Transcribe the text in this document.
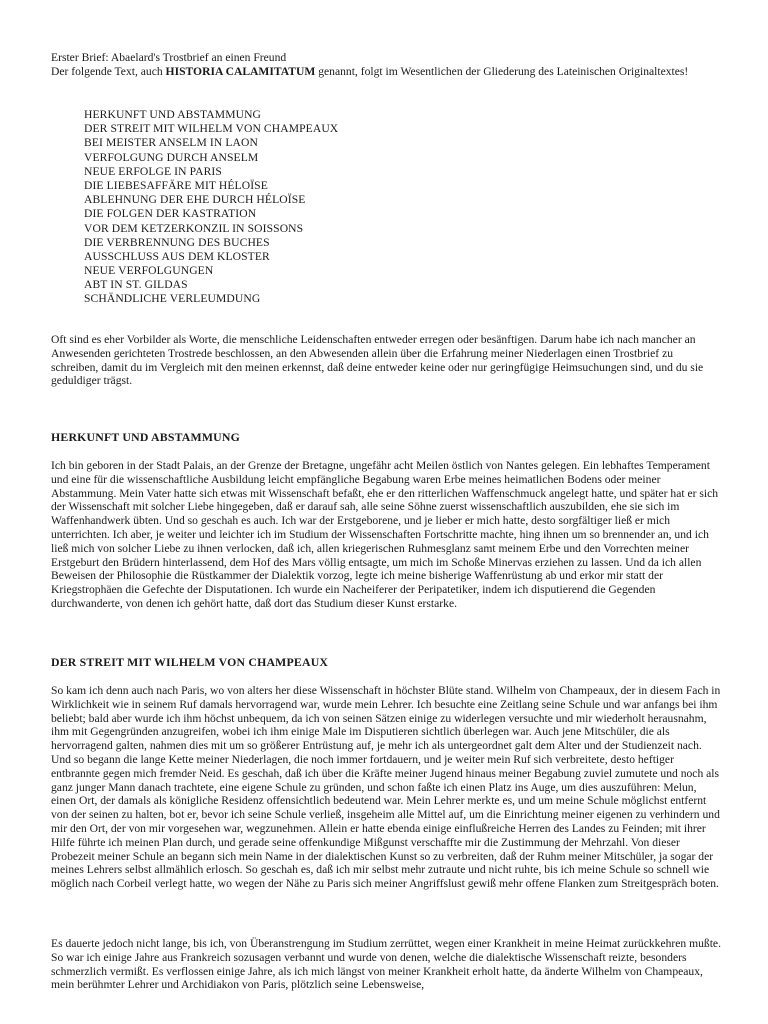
Erster Brief: Abaelard's Trostbrief an einen Freund

Der folgende Text, auch HISTORIA CALAMITATUM genannt, folgt im Wesentlichen der Gliederung des Lateinischen Originaltextes!

HERKUNFT UND ABSTAMMUNG
DER STREIT MIT WILHELM VON CHAMPEAUX
BEI MEISTER ANSELM IN LAON
VERFOLGUNG DURCH ANSELM
NEUE ERFOLGE IN PARIS
DIE LIEBESAFFÄRE MIT HÉLOÏSE
ABLEHNUNG DER EHE DURCH HÉLOÏSE
DIE FOLGEN DER KASTRATION
VOR DEM KETZERKONZIL IN SOISSONS
DIE VERBRENNUNG DES BUCHES
AUSSCHLUSS AUS DEM KLOSTER
NEUE VERFOLGUNGEN
ABT IN ST. GILDAS
SCHÄNDLICHE VERLEUMDUNG

Oft sind es eher Vorbilder als Worte, die menschliche Leidenschaften entweder erregen oder besänftigen. Darum habe ich nach mancher an Anwesenden gerichteten Trostrede beschlossen, an den Abwesenden allein über die Erfahrung meiner Niederlagen einen Trostbrief zu schreiben, damit du im Vergleich mit den meinen erkennst, daß deine entweder keine oder nur geringfügige Heimsuchungen sind, und du sie geduldiger trägst.

HERKUNFT UND ABSTAMMUNG

Ich bin geboren in der Stadt Palais, an der Grenze der Bretagne, ungefähr acht Meilen östlich von Nantes gelegen. Ein lebhaftes Temperament und eine für die wissenschaftliche Ausbildung leicht empfängliche Begabung waren Erbe meines heimatlichen Bodens oder meiner Abstammung. Mein Vater hatte sich etwas mit Wissenschaft befaßt, ehe er den ritterlichen Waffenschmuck angelegt hatte, und später hat er sich der Wissenschaft mit solcher Liebe hingegeben, daß er darauf sah, alle seine Söhne zuerst wissenschaftlich auszubilden, ehe sie sich im Waffenhandwerk übten. Und so geschah es auch. Ich war der Erstgeborene, und je lieber er mich hatte, desto sorgfältiger ließ er mich unterrichten. Ich aber, je weiter und leichter ich im Studium der Wissenschaften Fortschritte machte, hing ihnen um so brennender an, und ich ließ mich von solcher Liebe zu ihnen verlocken, daß ich, allen kriegerischen Ruhmesglanz samt meinem Erbe und den Vorrechten meiner Erstgeburt den Brüdern hinterlassend, dem Hof des Mars völlig entsagte, um mich im Schoße Minervas erziehen zu lassen. Und da ich allen Beweisen der Philosophie die Rüstkammer der Dialektik vorzog, legte ich meine bisherige Waffenrüstung ab und erkor mir statt der Kriegstrophäen die Gefechte der Disputationen. Ich wurde ein Nacheiferer der Peripatetiker, indem ich disputierend die Gegenden durchwanderte, von denen ich gehört hatte, daß dort das Studium dieser Kunst erstarke.

DER STREIT MIT WILHELM VON CHAMPEAUX

So kam ich denn auch nach Paris, wo von alters her diese Wissenschaft in höchster Blüte stand. Wilhelm von Champeaux, der in diesem Fach in Wirklichkeit wie in seinem Ruf damals hervorragend war, wurde mein Lehrer. Ich besuchte eine Zeitlang seine Schule und war anfangs bei ihm beliebt; bald aber wurde ich ihm höchst unbequem, da ich von seinen Sätzen einige zu widerlegen versuchte und mir wiederholt herausnahm, ihm mit Gegengründen anzugreifen, wobei ich ihm einige Male im Disputieren sichtlich überlegen war. Auch jene Mitschüler, die als hervorragend galten, nahmen dies mit um so größerer Entrüstung auf, je mehr ich als untergeordnet galt dem Alter und der Studienzeit nach. Und so begann die lange Kette meiner Niederlagen, die noch immer fortdauern, und je weiter mein Ruf sich verbreitete, desto heftiger entbrannte gegen mich fremder Neid. Es geschah, daß ich über die Kräfte meiner Jugend hinaus meiner Begabung zuviel zumutete und noch als ganz junger Mann danach trachtete, eine eigene Schule zu gründen, und schon faßte ich einen Platz ins Auge, um dies auszuführen: Melun, einen Ort, der damals als königliche Residenz offensichtlich bedeutend war. Mein Lehrer merkte es, und um meine Schule möglichst entfernt von der seinen zu halten, bot er, bevor ich seine Schule verließ, insgeheim alle Mittel auf, um die Einrichtung meiner eigenen zu verhindern und mir den Ort, der von mir vorgesehen war, wegzunehmen. Allein er hatte ebenda einige einflußreiche Herren des Landes zu Feinden; mit ihrer Hilfe führte ich meinen Plan durch, und gerade seine offenkundige Mißgunst verschaffte mir die Zustimmung der Mehrzahl. Von dieser Probezeit meiner Schule an begann sich mein Name in der dialektischen Kunst so zu verbreiten, daß der Ruhm meiner Mitschüler, ja sogar der meines Lehrers selbst allmählich erlosch. So geschah es, daß ich mir selbst mehr zutraute und nicht ruhte, bis ich meine Schule so schnell wie möglich nach Corbeil verlegt hatte, wo wegen der Nähe zu Paris sich meiner Angriffslust gewiß mehr offene Flanken zum Streitgespräch boten.

Es dauerte jedoch nicht lange, bis ich, von Überanstrengung im Studium zerrüttet, wegen einer Krankheit in meine Heimat zurückkehren mußte. So war ich einige Jahre aus Frankreich sozusagen verbannt und wurde von denen, welche die dialektische Wissenschaft reizte, besonders schmerzlich vermißt. Es verflossen einige Jahre, als ich mich längst von meiner Krankheit erholt hatte, da änderte Wilhelm von Champeaux, mein berühmter Lehrer und Archidiakon von Paris, plötzlich seine Lebensweise,
